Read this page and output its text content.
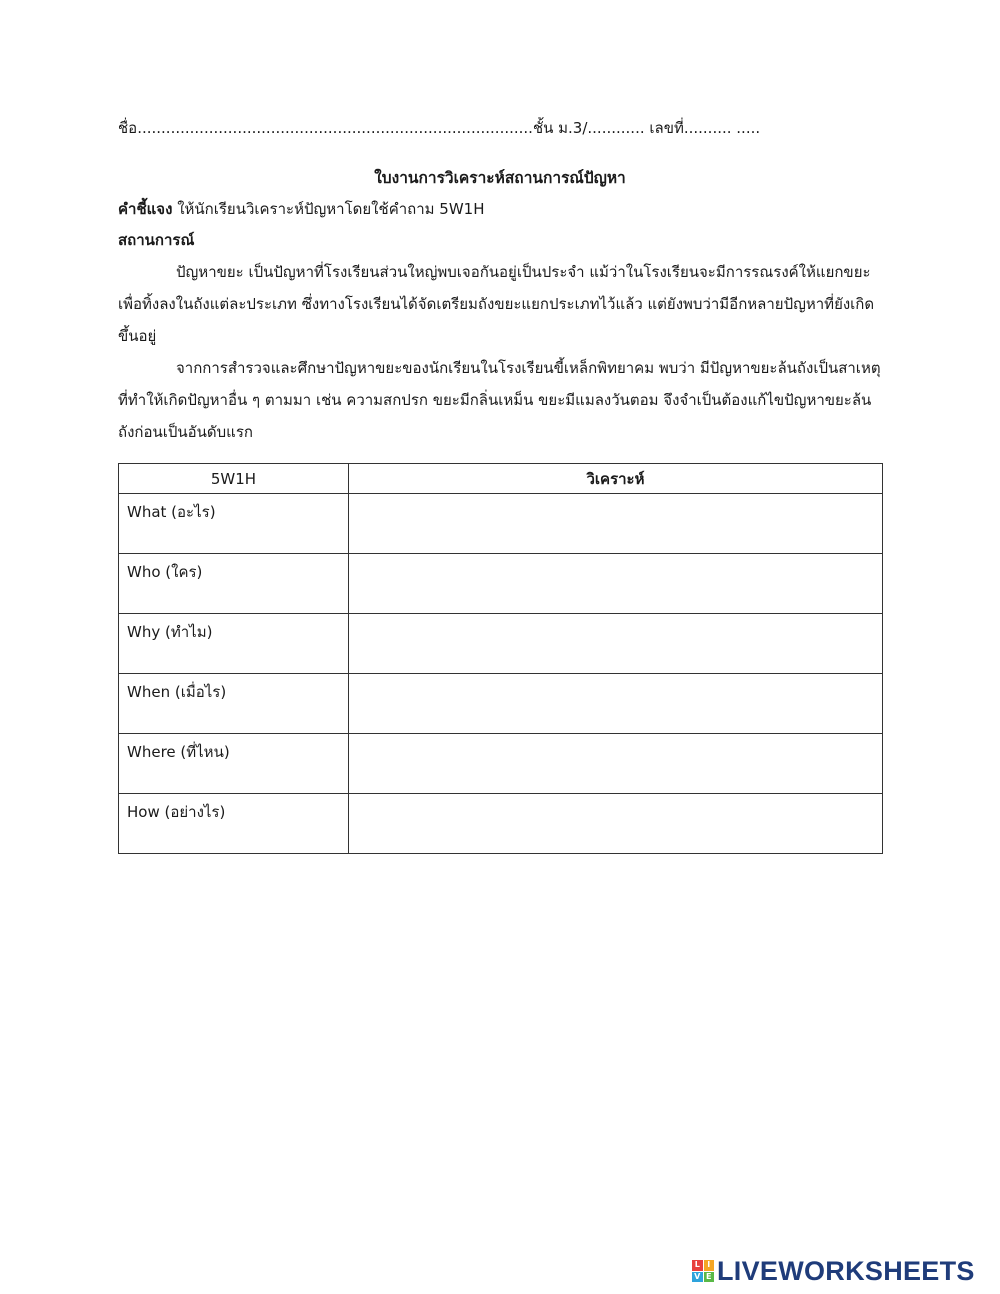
ชื่อ...................................................................................ชั้น ม.3/............ เลขที่.......... .....
ใบงานการวิเคราะห์สถานการณ์ปัญหา
คำชี้แจง ให้นักเรียนวิเคราะห์ปัญหาโดยใช้คำถาม 5W1H
สถานการณ์
ปัญหาขยะ เป็นปัญหาที่โรงเรียนส่วนใหญ่พบเจอกันอยู่เป็นประจำ แม้ว่าในโรงเรียนจะมีการรณรงค์ให้แยกขยะเพื่อทิ้งลงในถังแต่ละประเภท ซึ่งทางโรงเรียนได้จัดเตรียมถังขยะแยกประเภทไว้แล้ว แต่ยังพบว่ามีอีกหลายปัญหาที่ยังเกิดขึ้นอยู่
จากการสำรวจและศึกษาปัญหาขยะของนักเรียนในโรงเรียนขี้เหล็กพิทยาคม พบว่า มีปัญหาขยะล้นถังเป็นสาเหตุที่ทำให้เกิดปัญหาอื่น ๆ ตามมา เช่น ความสกปรก ขยะมีกลิ่นเหม็น ขยะมีแมลงวันตอม จึงจำเป็นต้องแก้ไขปัญหาขยะล้นถังก่อนเป็นอันดับแรก
5W1H	วิเคราะห์
What (อะไร)	
Who (ใคร)	
Why (ทำไม)	
When (เมื่อไร)	
Where (ที่ไหน)	
How (อย่างไร)	
L I
V E LIVEWORKSHEETS
